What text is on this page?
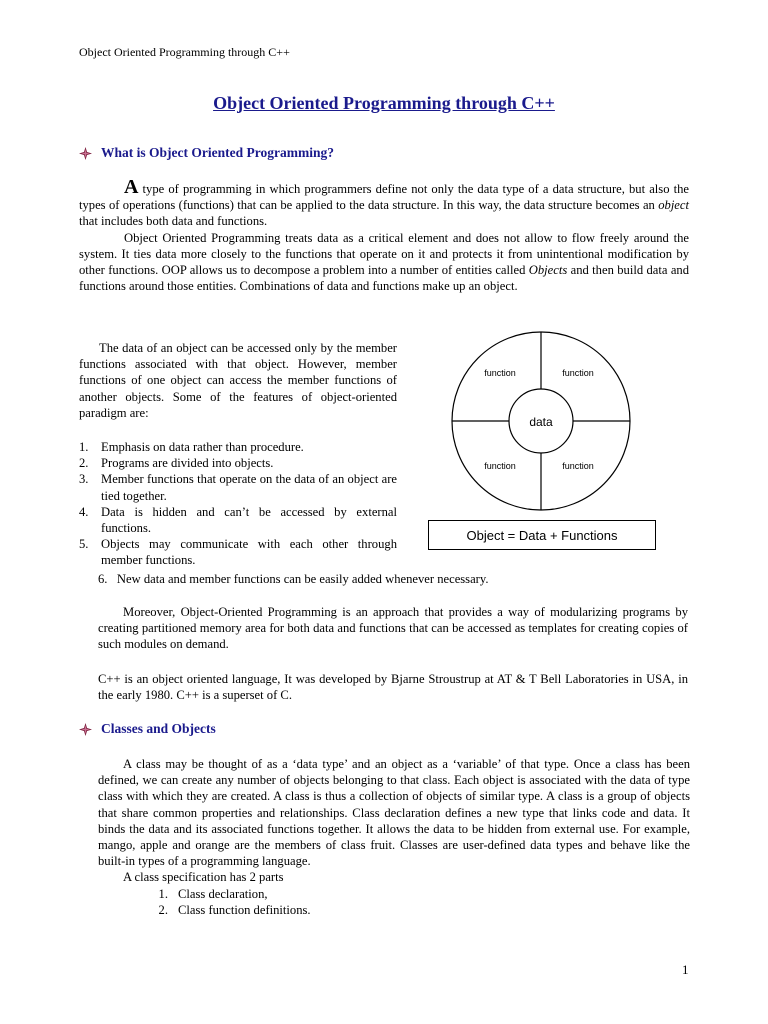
Object Oriented Programming through C++
Object Oriented Programming through C++
What is Object Oriented Programming?
A type of programming in which programmers define not only the data type of a data structure, but also the types of operations (functions) that can be applied to the data structure. In this way, the data structure becomes an object that includes both data and functions.
Object Oriented Programming treats data as a critical element and does not allow to flow freely around the system. It ties data more closely to the functions that operate on it and protects it from unintentional modification by other functions. OOP allows us to decompose a problem into a number of entities called Objects and then build data and functions around those entities. Combinations of data and functions make up an object.
The data of an object can be accessed only by the member functions associated with that object. However, member functions of one object can access the member functions of another objects. Some of the features of object-oriented paradigm are:
1. Emphasis on data rather than procedure.
2. Programs are divided into objects.
3. Member functions that operate on the data of an object are tied together.
4. Data is hidden and can’t be accessed by external functions.
5. Objects may communicate with each other through member functions.
6. New data and member functions can be easily added whenever necessary.
data
function	function
function	function
Object = Data + Functions
Moreover, Object-Oriented Programming is an approach that provides a way of modularizing programs by creating partitioned memory area for both data and functions that can be accessed as templates for creating copies of such modules on demand.
C++ is an object oriented language, It was developed by Bjarne Stroustrup at AT & T Bell Laboratories in USA, in the early 1980. C++ is a superset of C.
Classes and Objects
A class may be thought of as a ‘data type’ and an object as a ‘variable’ of that type. Once a class has been defined, we can create any number of objects belonging to that class. Each object is associated with the data of type class with which they are created. A class is thus a collection of objects of similar type. A class is a group of objects that share common properties and relationships. Class declaration defines a new type that links code and data. It binds the data and its associated functions together. It allows the data to be hidden from external use. For example, mango, apple and orange are the members of class fruit. Classes are user-defined data types and behave like the built-in types of a programming language.
A class specification has 2 parts
1. Class declaration,
2. Class function definitions.
1
